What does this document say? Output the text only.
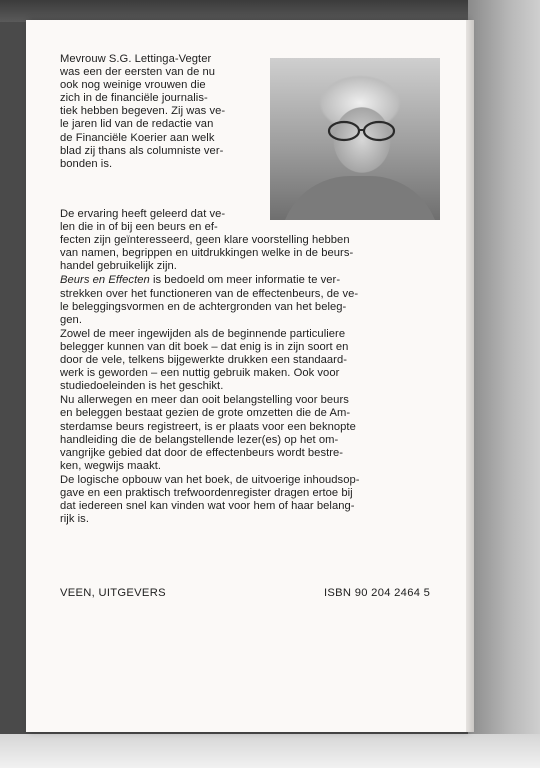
Mevrouw S.G. Lettinga-Vegter
was een der eersten van de nu
ook nog weinige vrouwen die
zich in de financiële journalis-
tiek hebben begeven. Zij was ve-
le jaren lid van de redactie van
de Financiële Koerier aan welk
blad zij thans als columniste ver-
bonden is.

De ervaring heeft geleerd dat ve-
len die in of bij een beurs en ef-
fecten zijn geïnteresseerd, geen klare voorstelling hebben
van namen, begrippen en uitdrukkingen welke in de beurs-
handel gebruikelijk zijn.

Beurs en Effecten is bedoeld om meer informatie te ver-
strekken over het functioneren van de effectenbeurs, de ve-
le beleggingsvormen en de achtergronden van het beleg-
gen.

Zowel de meer ingewijden als de beginnende particuliere
belegger kunnen van dit boek – dat enig is in zijn soort en
door de vele, telkens bijgewerkte drukken een standaard-
werk is geworden – een nuttig gebruik maken. Ook voor
studiedoeleinden is het geschikt.

Nu allerwegen en meer dan ooit belangstelling voor beurs
en beleggen bestaat gezien de grote omzetten die de Am-
sterdamse beurs registreert, is er plaats voor een beknopte
handleiding die de belangstellende lezer(es) op het om-
vangrijke gebied dat door de effectenbeurs wordt bestre-
ken, wegwijs maakt.

De logische opbouw van het boek, de uitvoerige inhoudsop-
gave en een praktisch trefwoordenregister dragen ertoe bij
dat iedereen snel kan vinden wat voor hem of haar belang-
rijk is.

VEEN, UITGEVERS	ISBN 90 204 2464 5
